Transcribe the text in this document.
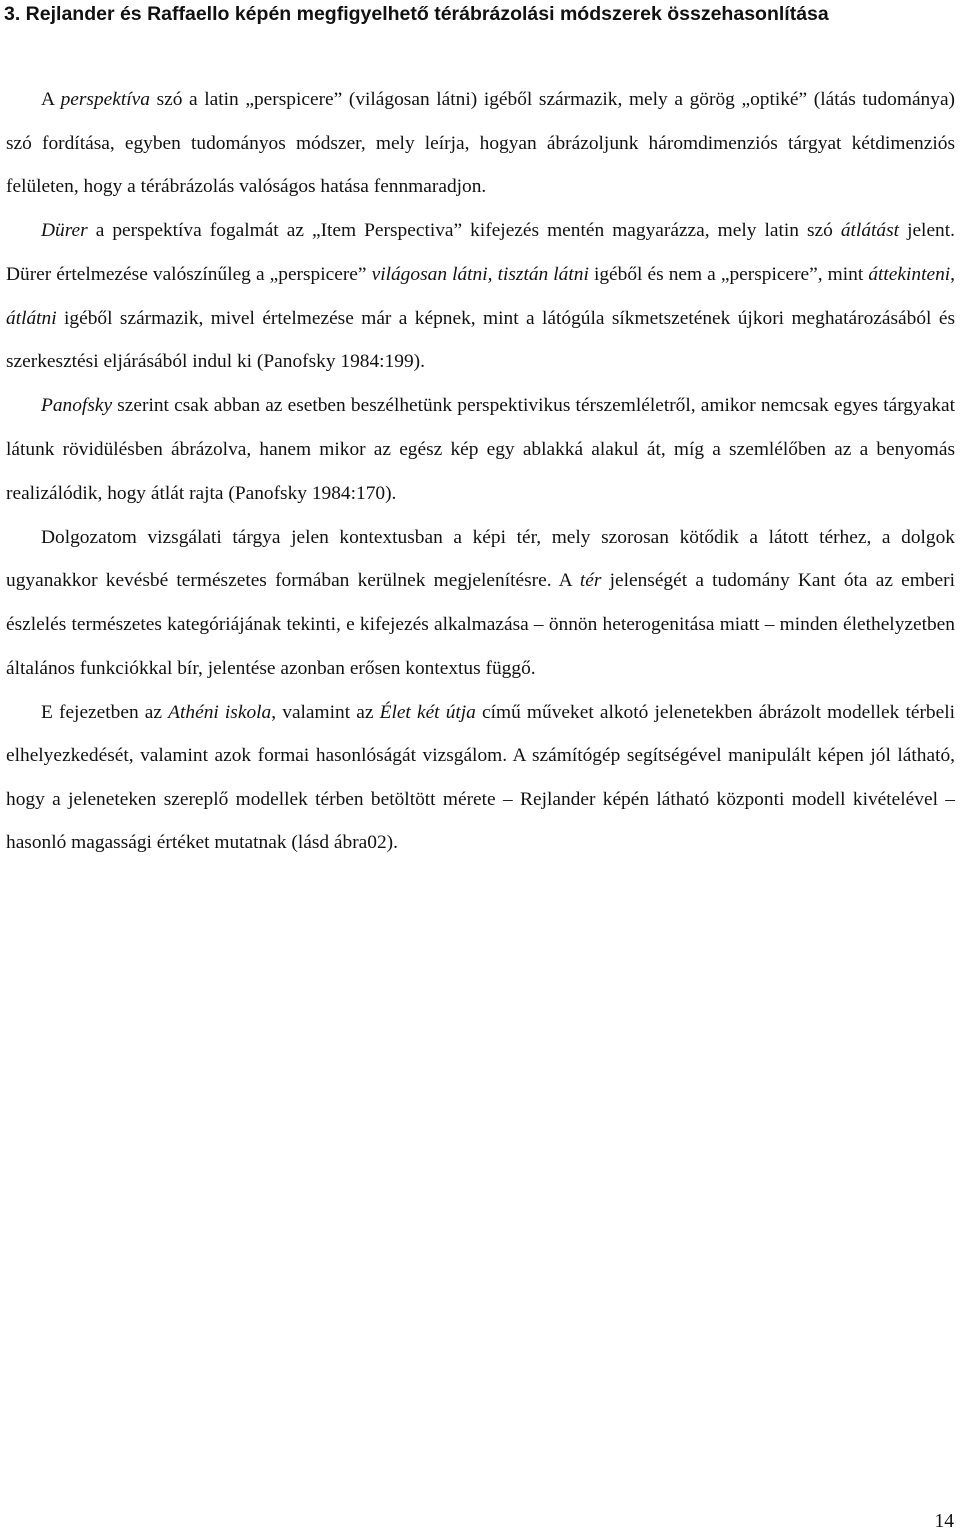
3. Rejlander és Raffaello képén megfigyelhető térábrázolási módszerek összehasonlítása

A perspektíva szó a latin „perspicere” (világosan látni) igéből származik, mely a görög „optiké” (látás tudománya) szó fordítása, egyben tudományos módszer, mely leírja, hogyan ábrázoljunk háromdimenziós tárgyat kétdimenziós felületen, hogy a térábrázolás valóságos hatása fennmaradjon.

Dürer a perspektíva fogalmát az „Item Perspectiva” kifejezés mentén magyarázza, mely latin szó átlátást jelent. Dürer értelmezése valószínűleg a „perspicere” világosan látni, tisztán látni igéből és nem a „perspicere”, mint áttekinteni, átlátni igéből származik, mivel értelmezése már a képnek, mint a látógúla síkmetszetének újkori meghatározásából és szerkesztési eljárásából indul ki (Panofsky 1984:199).

Panofsky szerint csak abban az esetben beszélhetünk perspektivikus térszemléletről, amikor nemcsak egyes tárgyakat látunk rövidülésben ábrázolva, hanem mikor az egész kép egy ablakká alakul át, míg a szemlélőben az a benyomás realizálódik, hogy átlát rajta (Panofsky 1984:170).

Dolgozatom vizsgálati tárgya jelen kontextusban a képi tér, mely szorosan kötődik a látott térhez, a dolgok ugyanakkor kevésbé természetes formában kerülnek megjelenítésre. A tér jelenségét a tudomány Kant óta az emberi észlelés természetes kategóriájának tekinti, e kifejezés alkalmazása – önnön heterogenitása miatt – minden élethelyzetben általános funkciókkal bír, jelentése azonban erősen kontextus függő.

E fejezetben az Athéni iskola, valamint az Élet két útja című műveket alkotó jelenetekben ábrázolt modellek térbeli elhelyezkedését, valamint azok formai hasonlóságát vizsgálom. A számítógép segítségével manipulált képen jól látható, hogy a jeleneteken szereplő modellek térben betöltött mérete – Rejlander képén látható központi modell kivételével – hasonló magassági értéket mutatnak (lásd ábra02).

14
